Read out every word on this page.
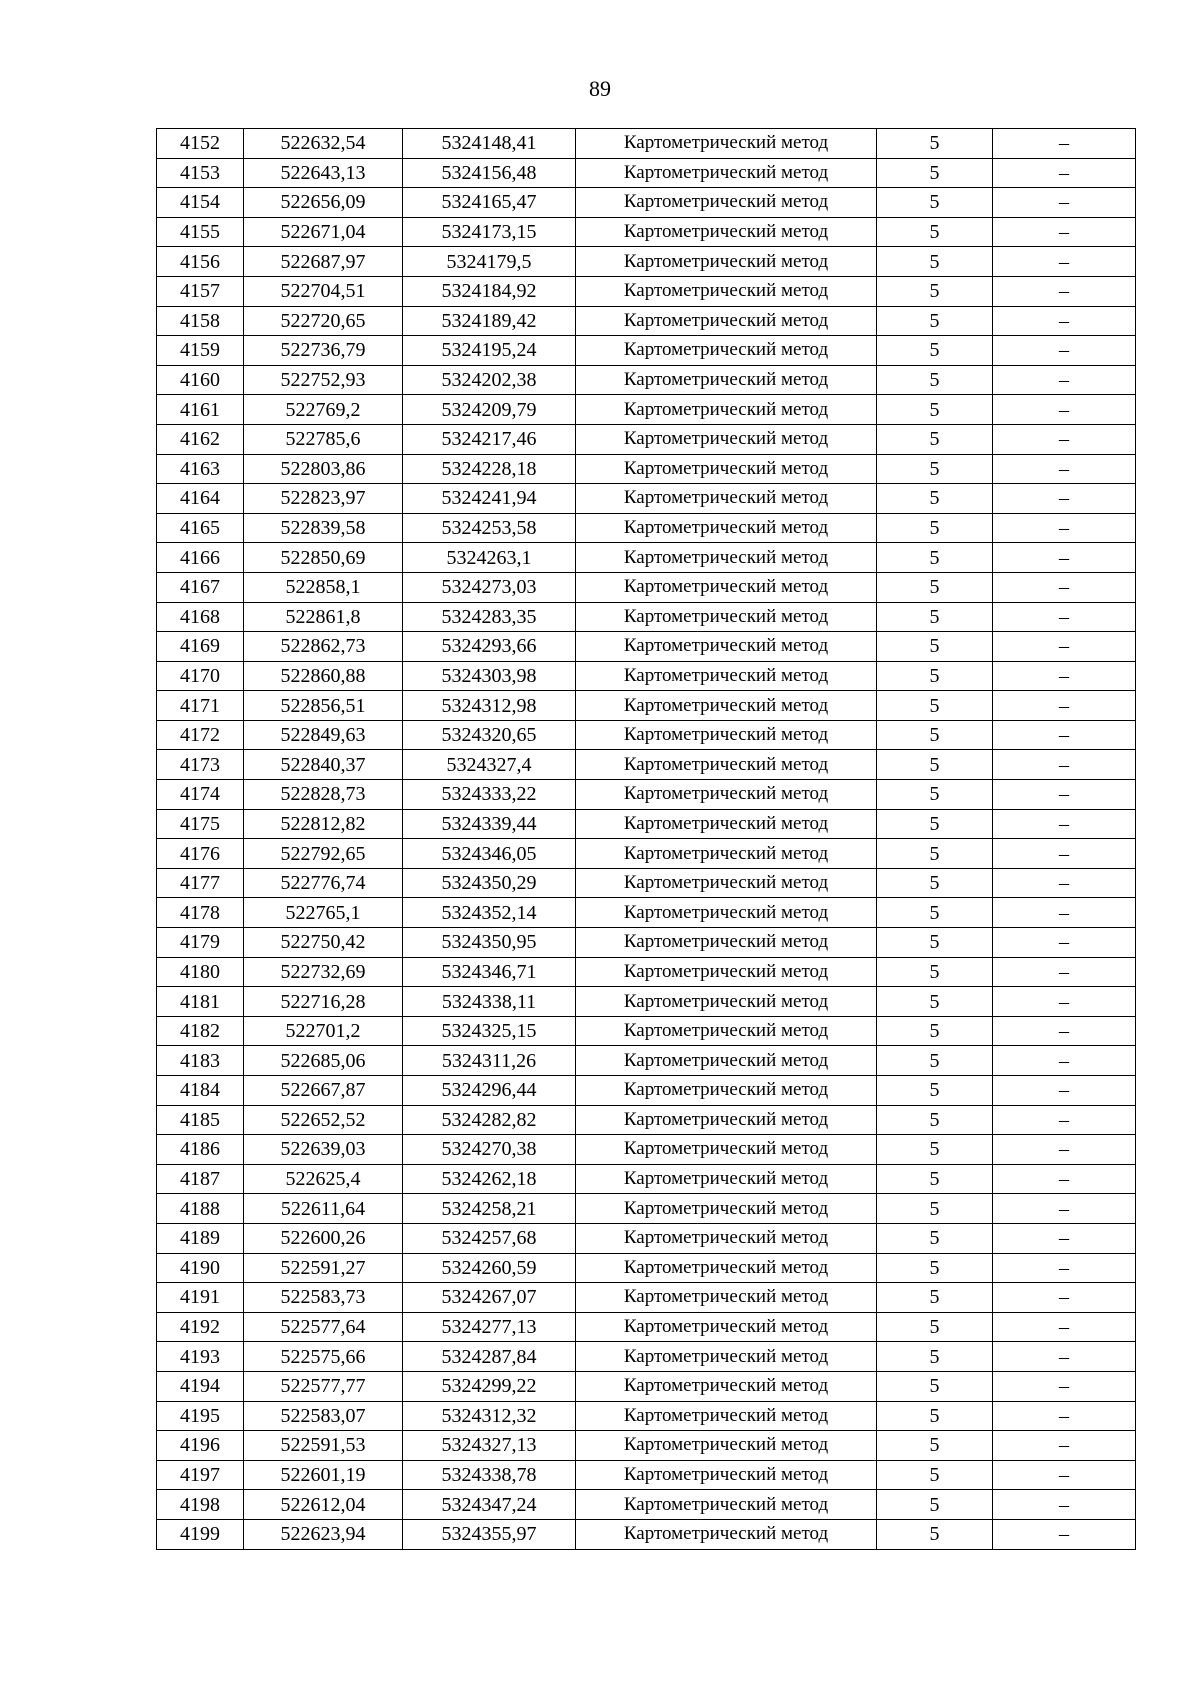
89
4152	522632,54	5324148,41	Картометрический метод	5	–
4153	522643,13	5324156,48	Картометрический метод	5	–
4154	522656,09	5324165,47	Картометрический метод	5	–
4155	522671,04	5324173,15	Картометрический метод	5	–
4156	522687,97	5324179,5	Картометрический метод	5	–
4157	522704,51	5324184,92	Картометрический метод	5	–
4158	522720,65	5324189,42	Картометрический метод	5	–
4159	522736,79	5324195,24	Картометрический метод	5	–
4160	522752,93	5324202,38	Картометрический метод	5	–
4161	522769,2	5324209,79	Картометрический метод	5	–
4162	522785,6	5324217,46	Картометрический метод	5	–
4163	522803,86	5324228,18	Картометрический метод	5	–
4164	522823,97	5324241,94	Картометрический метод	5	–
4165	522839,58	5324253,58	Картометрический метод	5	–
4166	522850,69	5324263,1	Картометрический метод	5	–
4167	522858,1	5324273,03	Картометрический метод	5	–
4168	522861,8	5324283,35	Картометрический метод	5	–
4169	522862,73	5324293,66	Картометрический метод	5	–
4170	522860,88	5324303,98	Картометрический метод	5	–
4171	522856,51	5324312,98	Картометрический метод	5	–
4172	522849,63	5324320,65	Картометрический метод	5	–
4173	522840,37	5324327,4	Картометрический метод	5	–
4174	522828,73	5324333,22	Картометрический метод	5	–
4175	522812,82	5324339,44	Картометрический метод	5	–
4176	522792,65	5324346,05	Картометрический метод	5	–
4177	522776,74	5324350,29	Картометрический метод	5	–
4178	522765,1	5324352,14	Картометрический метод	5	–
4179	522750,42	5324350,95	Картометрический метод	5	–
4180	522732,69	5324346,71	Картометрический метод	5	–
4181	522716,28	5324338,11	Картометрический метод	5	–
4182	522701,2	5324325,15	Картометрический метод	5	–
4183	522685,06	5324311,26	Картометрический метод	5	–
4184	522667,87	5324296,44	Картометрический метод	5	–
4185	522652,52	5324282,82	Картометрический метод	5	–
4186	522639,03	5324270,38	Картометрический метод	5	–
4187	522625,4	5324262,18	Картометрический метод	5	–
4188	522611,64	5324258,21	Картометрический метод	5	–
4189	522600,26	5324257,68	Картометрический метод	5	–
4190	522591,27	5324260,59	Картометрический метод	5	–
4191	522583,73	5324267,07	Картометрический метод	5	–
4192	522577,64	5324277,13	Картометрический метод	5	–
4193	522575,66	5324287,84	Картометрический метод	5	–
4194	522577,77	5324299,22	Картометрический метод	5	–
4195	522583,07	5324312,32	Картометрический метод	5	–
4196	522591,53	5324327,13	Картометрический метод	5	–
4197	522601,19	5324338,78	Картометрический метод	5	–
4198	522612,04	5324347,24	Картометрический метод	5	–
4199	522623,94	5324355,97	Картометрический метод	5	–
